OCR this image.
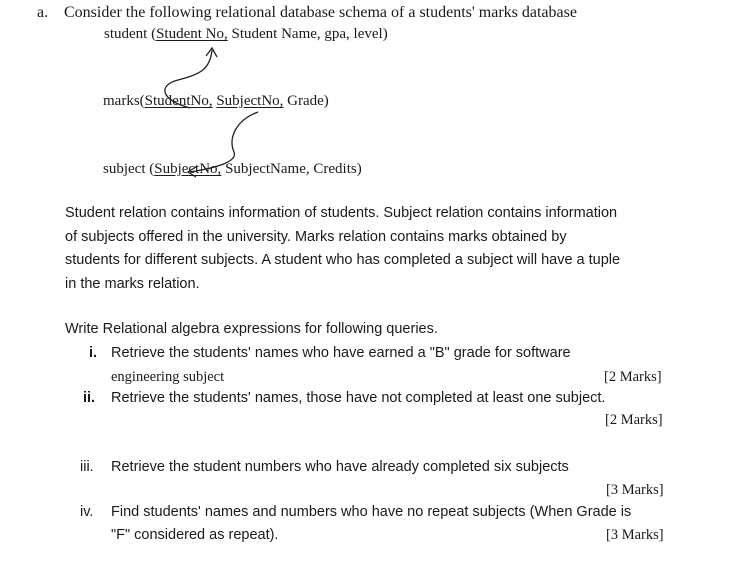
a. Consider the following relational database schema of a students' marks database
student (Student No, Student Name, gpa, level)
marks(StudentNo, SubjectNo, Grade)
subject (SubjectNo, SubjectName, Credits)
Student relation contains information of students. Subject relation contains information
of subjects offered in the university. Marks relation contains marks obtained by
students for different subjects. A student who has completed a subject will have a tuple
in the marks relation.
Write Relational algebra expressions for following queries.
i. Retrieve the students' names who have earned a "B" grade for software
engineering subject	[2 Marks]
ii. Retrieve the students' names, those have not completed at least one subject.
[2 Marks]
iii. Retrieve the student numbers who have already completed six subjects
[3 Marks]
iv. Find students' names and numbers who have no repeat subjects (When Grade is
"F" considered as repeat).	[3 Marks]
